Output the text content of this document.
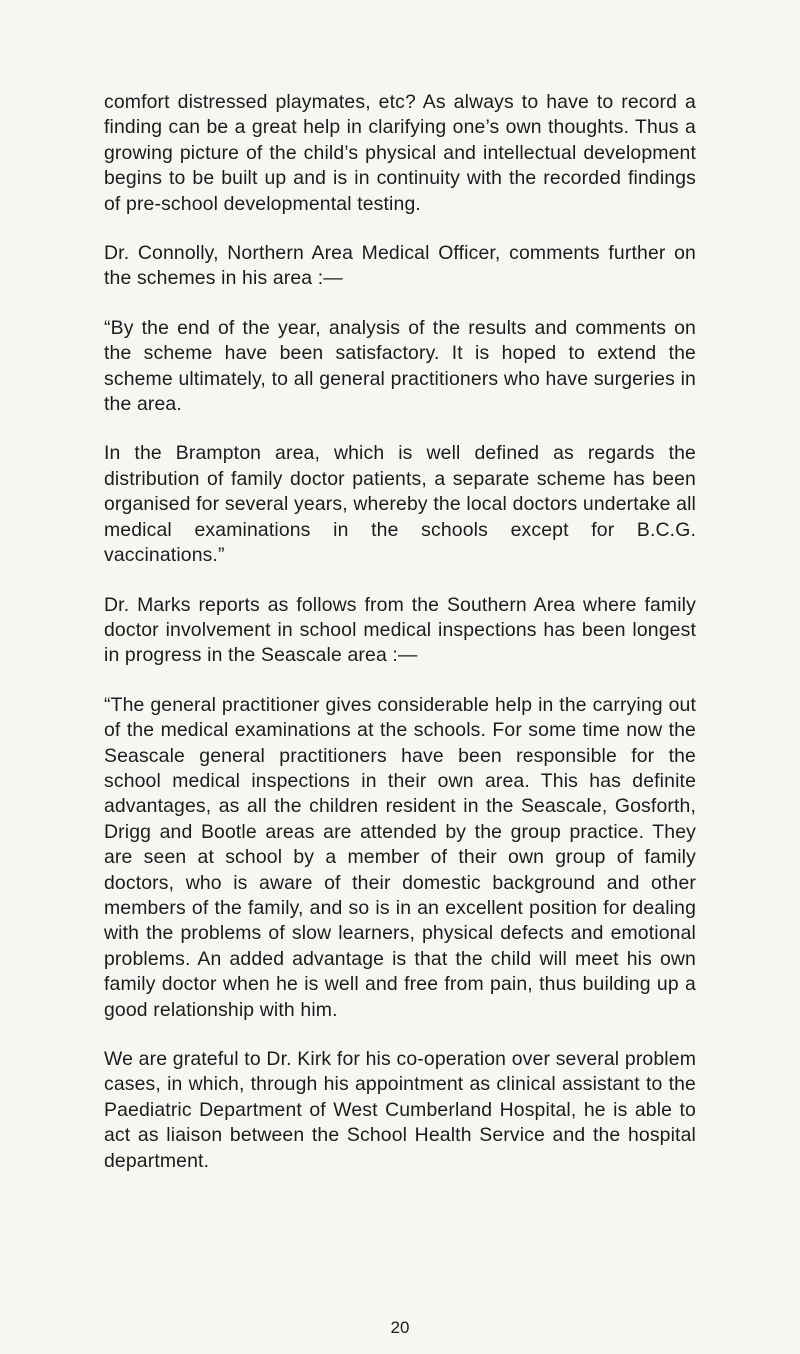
comfort distressed playmates, etc? As always to have to record a finding can be a great help in clarifying one’s own thoughts. Thus a growing picture of the child’s physical and intellectual development begins to be built up and is in continuity with the recorded findings of pre-school developmental testing.

Dr. Connolly, Northern Area Medical Officer, comments further on the schemes in his area :—

“By the end of the year, analysis of the results and comments on the scheme have been satisfactory. It is hoped to extend the scheme ultimately, to all general practitioners who have surgeries in the area.

In the Brampton area, which is well defined as regards the distribution of family doctor patients, a separate scheme has been organised for several years, whereby the local doctors undertake all medical examinations in the schools except for B.C.G. vaccinations.”

Dr. Marks reports as follows from the Southern Area where family doctor involvement in school medical inspections has been longest in progress in the Seascale area :—

“The general practitioner gives considerable help in the carrying out of the medical examinations at the schools. For some time now the Seascale general practitioners have been responsible for the school medical inspections in their own area. This has definite advantages, as all the children resident in the Seascale, Gosforth, Drigg and Bootle areas are attended by the group practice. They are seen at school by a member of their own group of family doctors, who is aware of their domestic background and other members of the family, and so is in an excellent position for dealing with the problems of slow learners, physical defects and emotional problems. An added advantage is that the child will meet his own family doctor when he is well and free from pain, thus building up a good relationship with him.

We are grateful to Dr. Kirk for his co-operation over several problem cases, in which, through his appointment as clinical assistant to the Paediatric Department of West Cumberland Hospital, he is able to act as liaison between the School Health Service and the hospital department.

20
